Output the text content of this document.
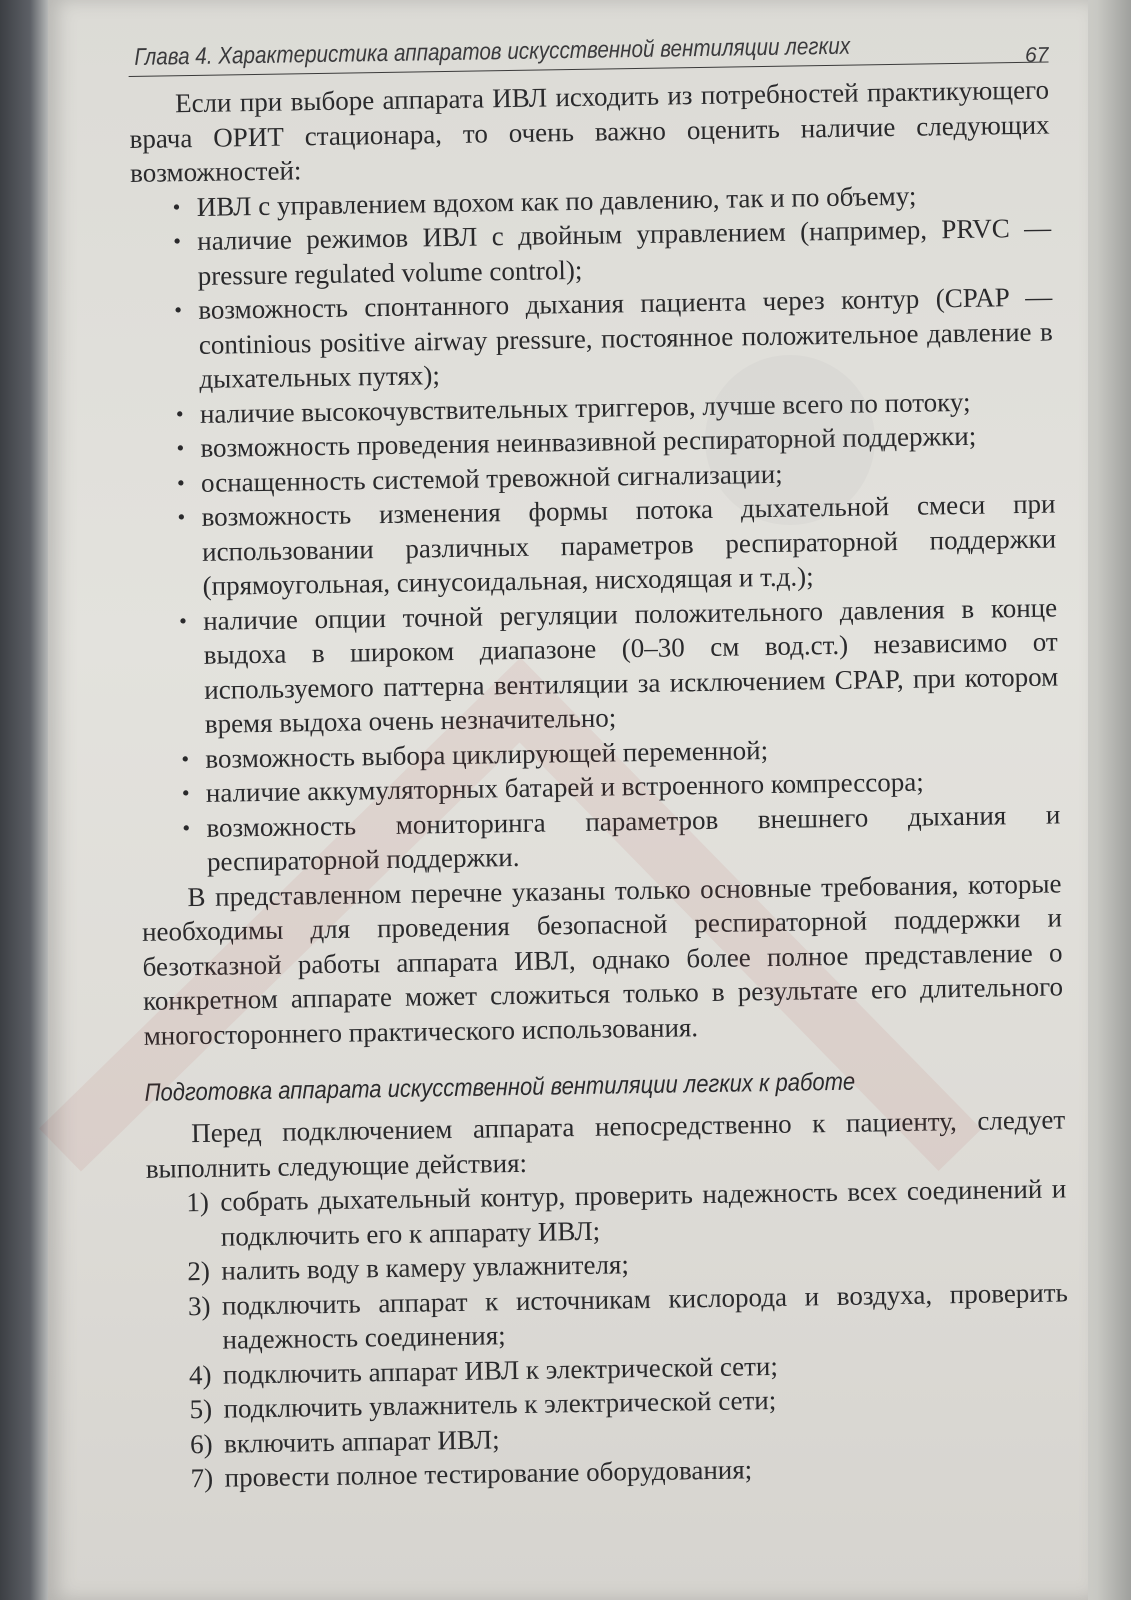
Глава 4. Характеристика аппаратов искусственной вентиляции легких	67

Если при выборе аппарата ИВЛ исходить из потребностей практикующего врача ОРИТ стационара, то очень важно оценить наличие следующих возможностей:

• ИВЛ с управлением вдохом как по давлению, так и по объему;
• наличие режимов ИВЛ с двойным управлением (например, PRVC — pressure regulated volume control);
• возможность спонтанного дыхания пациента через контур (CPAP — continious positive airway pressure, постоянное положительное давление в дыхательных путях);
• наличие высокочувствительных триггеров, лучше всего по потоку;
• возможность проведения неинвазивной респираторной поддержки;
• оснащенность системой тревожной сигнализации;
• возможность изменения формы потока дыхательной смеси при использовании различных параметров респираторной поддержки (прямоугольная, синусоидальная, нисходящая и т.д.);
• наличие опции точной регуляции положительного давления в конце выдоха в широком диапазоне (0–30 см вод.ст.) независимо от используемого паттерна вентиляции за исключением CPAP, при котором время выдоха очень незначительно;
• возможность выбора циклирующей переменной;
• наличие аккумуляторных батарей и встроенного компрессора;
• возможность мониторинга параметров внешнего дыхания и респираторной поддержки.

В представленном перечне указаны только основные требования, которые необходимы для проведения безопасной респираторной поддержки и безотказной работы аппарата ИВЛ, однако более полное представление о конкретном аппарате может сложиться только в результате его длительного многостороннего практического использования.

Подготовка аппарата искусственной вентиляции легких к работе

Перед подключением аппарата непосредственно к пациенту, следует выполнить следующие действия:

1) собрать дыхательный контур, проверить надежность всех соединений и подключить его к аппарату ИВЛ;
2) налить воду в камеру увлажнителя;
3) подключить аппарат к источникам кислорода и воздуха, проверить надежность соединения;
4) подключить аппарат ИВЛ к электрической сети;
5) подключить увлажнитель к электрической сети;
6) включить аппарат ИВЛ;
7) провести полное тестирование оборудования;
